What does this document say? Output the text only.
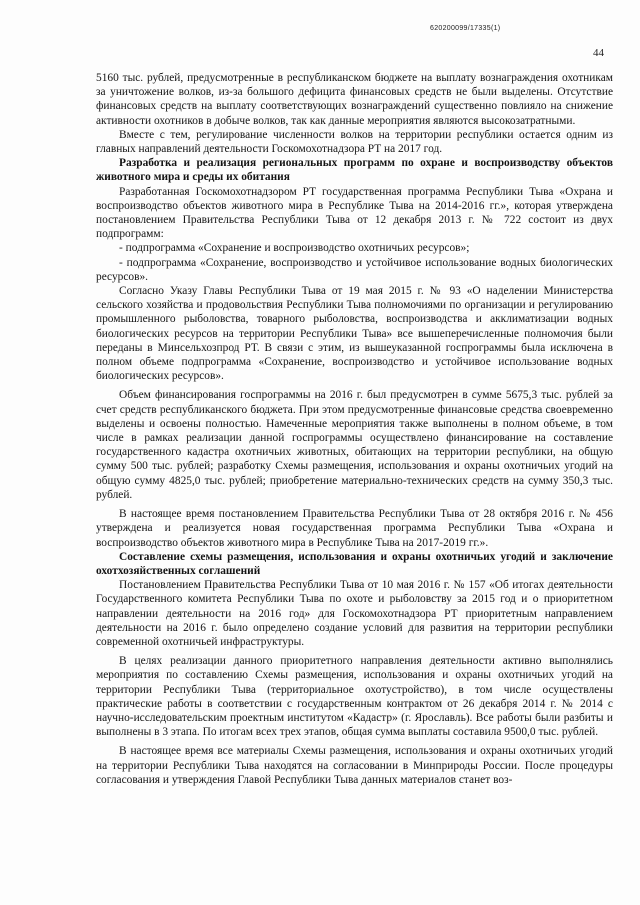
620200099/17335(1)
44

5160 тыс. рублей, предусмотренные в республиканском бюджете на выплату вознаграждения охотникам за уничтожение волков, из-за большого дефицита финансовых средств не были выделены. Отсутствие финансовых средств на выплату соответствующих вознаграждений существенно повлияло на снижение активности охотников в добыче волков, так как данные мероприятия являются высокозатратными.

Вместе с тем, регулирование численности волков на территории республики остается одним из главных направлений деятельности Госкомохотнадзора РТ на 2017 год.

Разработка и реализация региональных программ по охране и воспроизводству объектов животного мира и среды их обитания

Разработанная Госкомохотнадзором РТ государственная программа Республики Тыва «Охрана и воспроизводство объектов животного мира в Республике Тыва на 2014-2016 гг.», которая утверждена постановлением Правительства Республики Тыва от 12 декабря 2013 г. № 722 состоит из двух подпрограмм:

- подпрограмма «Сохранение и воспроизводство охотничьих ресурсов»;

- подпрограмма «Сохранение, воспроизводство и устойчивое использование водных биологических ресурсов».

Согласно Указу Главы Республики Тыва от 19 мая 2015 г. № 93 «О наделении Министерства сельского хозяйства и продовольствия Республики Тыва полномочиями по организации и регулированию промышленного рыболовства, товарного рыболовства, воспроизводства и акклиматизации водных биологических ресурсов на территории Республики Тыва» все вышеперечисленные полномочия были переданы в Минсельхозпрод РТ. В связи с этим, из вышеуказанной госпрограммы была исключена в полном объеме подпрограмма «Сохранение, воспроизводство и устойчивое использование водных биологических ресурсов».

Объем финансирования госпрограммы на 2016 г. был предусмотрен в сумме 5675,3 тыс. рублей за счет средств республиканского бюджета. При этом предусмотренные финансовые средства своевременно выделены и освоены полностью. Намеченные мероприятия также выполнены в полном объеме, в том числе в рамках реализации данной госпрограммы осуществлено финансирование на составление государственного кадастра охотничьих животных, обитающих на территории республики, на общую сумму 500 тыс. рублей; разработку Схемы размещения, использования и охраны охотничьих угодий на общую сумму 4825,0 тыс. рублей; приобретение материально-технических средств на сумму 350,3 тыс. рублей.

В настоящее время постановлением Правительства Республики Тыва от 28 октября 2016 г. № 456 утверждена и реализуется новая государственная программа Республики Тыва «Охрана и воспроизводство объектов животного мира в Республике Тыва на 2017-2019 гг.».

Составление схемы размещения, использования и охраны охотничьих угодий и заключение охотхозяйственных соглашений

Постановлением Правительства Республики Тыва от 10 мая 2016 г. № 157 «Об итогах деятельности Государственного комитета Республики Тыва по охоте и рыболовству за 2015 год и о приоритетном направлении деятельности на 2016 год» для Госкомохотнадзора РТ приоритетным направлением деятельности на 2016 г. было определено создание условий для развития на территории республики современной охотничьей инфраструктуры.

В целях реализации данного приоритетного направления деятельности активно выполнялись мероприятия по составлению Схемы размещения, использования и охраны охотничьих угодий на территории Республики Тыва (территориальное охотустройство), в том числе осуществлены практические работы в соответствии с государственным контрактом от 26 декабря 2014 г. № 2014 с научно-исследовательским проектным институтом «Кадастр» (г. Ярославль). Все работы были разбиты и выполнены в 3 этапа. По итогам всех трех этапов, общая сумма выплаты составила 9500,0 тыс. рублей.

В настоящее время все материалы Схемы размещения, использования и охраны охотничьих угодий на территории Республики Тыва находятся на согласовании в Минприроды России. После процедуры согласования и утверждения Главой Республики Тыва данных материалов станет воз-
